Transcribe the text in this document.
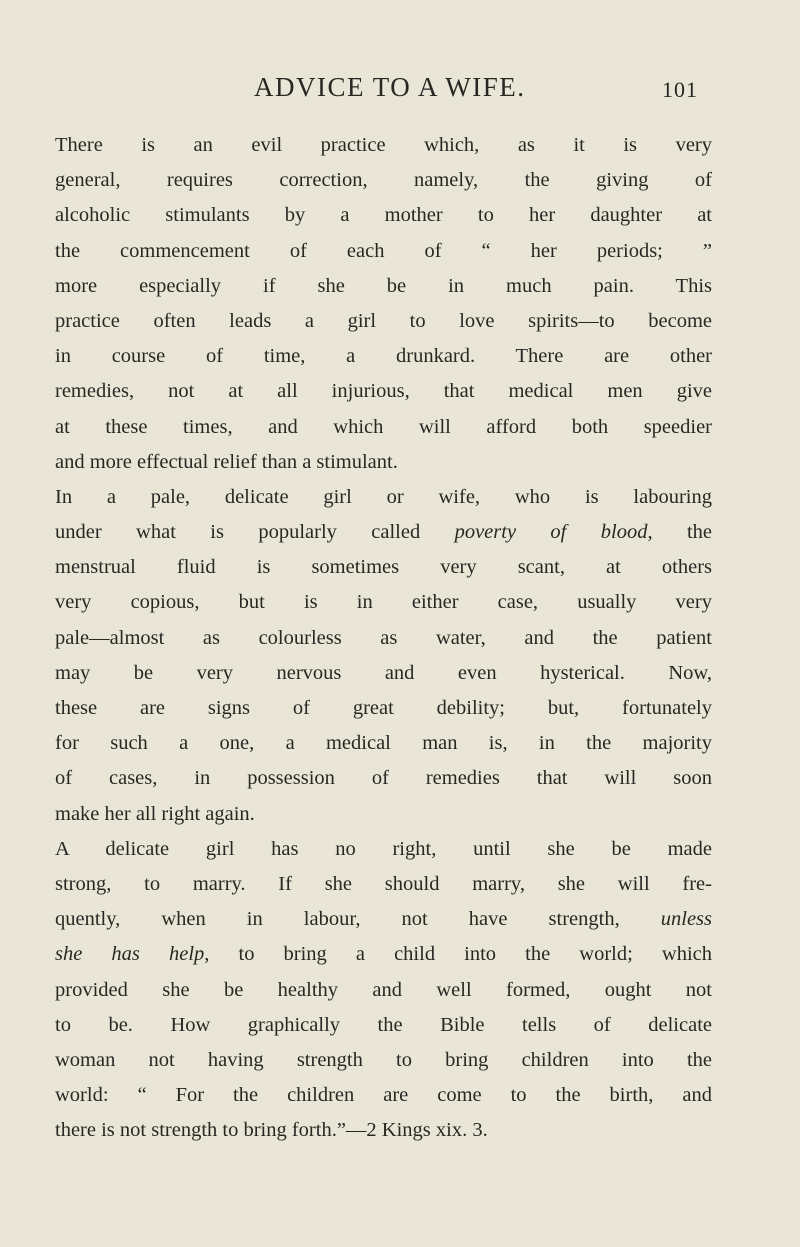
ADVICE TO A WIFE.	101
There is an evil practice which, as it is very
general, requires correction, namely, the giving of
alcoholic stimulants by a mother to her daughter at
the commencement of each of “ her periods; ”
more especially if she be in much pain. This
practice often leads a girl to love spirits—to become
in course of time, a drunkard. There are other
remedies, not at all injurious, that medical men give
at these times, and which will afford both speedier
and more effectual relief than a stimulant.
In a pale, delicate girl or wife, who is labouring
under what is popularly called poverty of blood, the
menstrual fluid is sometimes very scant, at others
very copious, but is in either case, usually very
pale—almost as colourless as water, and the patient
may be very nervous and even hysterical. Now,
these are signs of great debility; but, fortunately
for such a one, a medical man is, in the majority
of cases, in possession of remedies that will soon
make her all right again.
A delicate girl has no right, until she be made
strong, to marry. If she should marry, she will fre-
quently, when in labour, not have strength, unless
she has help, to bring a child into the world; which
provided she be healthy and well formed, ought not
to be. How graphically the Bible tells of delicate
woman not having strength to bring children into the
world: “ For the children are come to the birth, and
there is not strength to bring forth.”—2 Kings xix. 3.
